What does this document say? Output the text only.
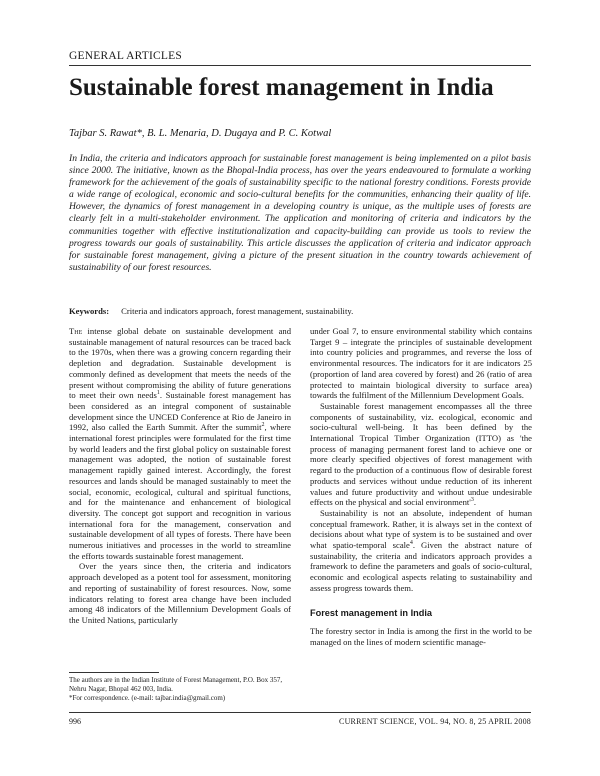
GENERAL ARTICLES
Sustainable forest management in India
Tajbar S. Rawat*, B. L. Menaria, D. Dugaya and P. C. Kotwal

In India, the criteria and indicators approach for sustainable forest management is being implemented on a pilot basis since 2000. The initiative, known as the Bhopal-India process, has over the years endeavoured to formulate a working framework for the achievement of the goals of sustainability specific to the national forestry conditions. Forests provide a wide range of ecological, economic and socio-cultural benefits for the communities, enhancing their quality of life. However, the dynamics of forest management in a developing country is unique, as the multiple uses of forests are clearly felt in a multi-stakeholder environment. The application and monitoring of criteria and indicators by the communities together with effective institutionalization and capacity-building can provide us tools to review the progress towards our goals of sustainability. This article discusses the application of criteria and indicator approach for sustainable forest management, giving a picture of the present situation in the country towards achievement of sustainability of our forest resources.

Keywords: Criteria and indicators approach, forest management, sustainability.

The intense global debate on sustainable development and sustainable management of natural resources can be traced back to the 1970s, when there was a growing concern regarding their depletion and degradation. Sustainable development is commonly defined as development that meets the needs of the present without compromising the ability of future generations to meet their own needs$^1$. Sustainable forest management has been considered as an integral component of sustainable development since the UNCED Conference at Rio de Janeiro in 1992, also called the Earth Summit. After the summit$^2$, where international forest principles were formulated for the first time by world leaders and the first global policy on sustainable forest management was adopted, the notion of sustainable forest management rapidly gained interest. Accordingly, the forest resources and lands should be managed sustainably to meet the social, economic, ecological, cultural and spiritual functions, and for the maintenance and enhancement of biological diversity. The concept got support and recognition in various international fora for the management, conservation and sustainable development of all types of forests. There have been numerous initiatives and processes in the world to streamline the efforts towards sustainable forest management.

Over the years since then, the criteria and indicators approach developed as a potent tool for assessment, monitoring and reporting of sustainability of forest resources. Now, some indicators relating to forest area change have been included among 48 indicators of the Millennium Development Goals of the United Nations, particularly

under Goal 7, to ensure environmental stability which contains Target 9 – integrate the principles of sustainable development into country policies and programmes, and reverse the loss of environmental resources. The indicators for it are indicators 25 (proportion of land area covered by forest) and 26 (ratio of area protected to maintain biological diversity to surface area) towards the fulfilment of the Millennium Development Goals.

Sustainable forest management encompasses all the three components of sustainability, viz. ecological, economic and socio-cultural well-being. It has been defined by the International Tropical Timber Organization (ITTO) as 'the process of managing permanent forest land to achieve one or more clearly specified objectives of forest management with regard to the production of a continuous flow of desirable forest products and services without undue reduction of its inherent values and future productivity and without undue undesirable effects on the physical and social $environment'^3$.

Sustainability is not an absolute, independent of human conceptual framework. Rather, it is always set in the context of decisions about what type of system is to be sustained and over what spatio-temporal scale$^4$. Given the abstract nature of sustainability, the criteria and indicators approach provides a framework to define the parameters and goals of socio-cultural, economic and ecological aspects relating to sustainability and assess progress towards them.

Forest management in India

The forestry sector in India is among the first in the world to be managed on the lines of modern scientific manage-

The authors are in the Indian Institute of Forest Management, P.O. Box 357, Nehru Nagar, Bhopal 462 003, India.

*For correspondence. (e-mail: tajbar.india@gmail.com)

996	CURRENT SCIENCE, VOL. 94, NO. 8, 25 APRIL 2008
